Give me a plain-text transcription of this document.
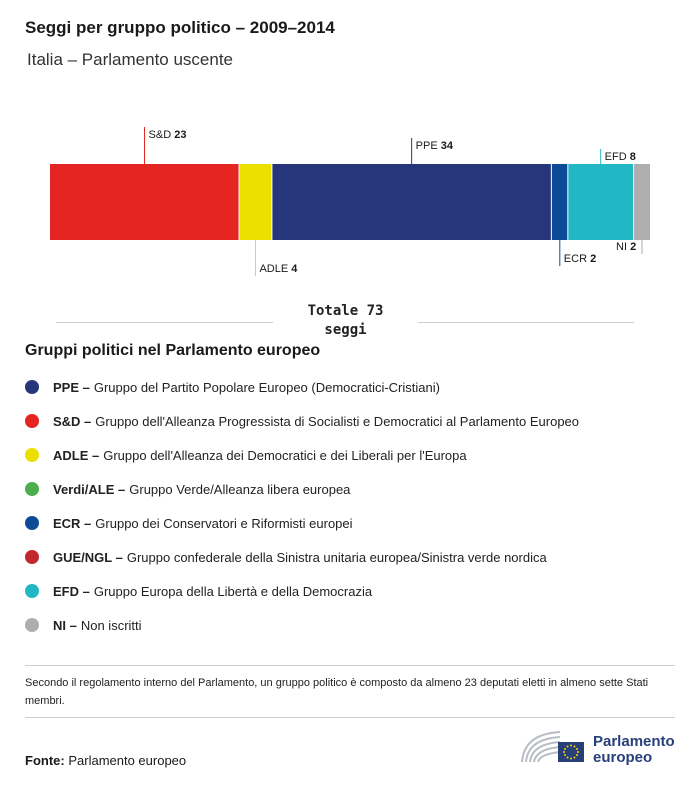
Seggi per gruppo politico – 2009–2014
Italia – Parlamento uscente
S&D 23
ADLE 4
PPE 34
ECR 2
EFD 8
NI 2
Totale 73
seggi
Gruppi politici nel Parlamento europeo
PPE – Gruppo del Partito Popolare Europeo (Democratici-Cristiani)
S&D – Gruppo dell'Alleanza Progressista di Socialisti e Democratici al Parlamento Europeo
ADLE – Gruppo dell'Alleanza dei Democratici e dei Liberali per l'Europa
Verdi/ALE – Gruppo Verde/Alleanza libera europea
ECR – Gruppo dei Conservatori e Riformisti europei
GUE/NGL – Gruppo confederale della Sinistra unitaria europea/Sinistra verde nordica
EFD – Gruppo Europa della Libertà e della Democrazia
NI – Non iscritti
Secondo il regolamento interno del Parlamento, un gruppo politico è composto da almeno 23 deputati eletti in almeno sette Stati membri.
Fonte: Parlamento europeo
Parlamento
europeo
